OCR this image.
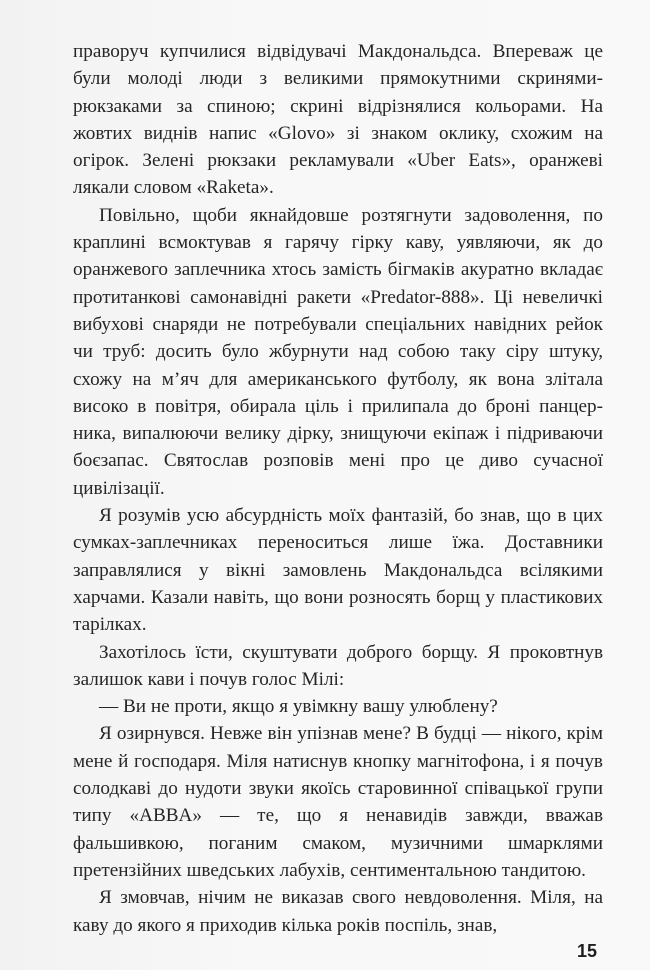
праворуч купчилися відвідувачі Макдональдса. Впереваж це були молоді люди з великими прямокутними скринями-рюкзаками за спиною; скрині відрізнялися кольорами. На жовтих виднів напис «Glovo» зі знаком оклику, схожим на огірок. Зелені рюкзаки рекламували «Uber Eats», оранжеві лякали словом «Raketa».

Повільно, щоби якнайдовше розтягнути задоволення, по краплині всмоктував я гарячу гірку каву, уявляючи, як до оранжевого заплечника хтось замість бігмаків акуратно вкладає протитанкові самонавідні ракети «Predator-888». Ці невеличкі вибухові снаряди не потребували спеціальних навідних рейок чи труб: досить було жбурнути над собою таку сіру штуку, схожу на м’яч для американського футболу, як вона злітала високо в повітря, обирала ціль і прилипала до броні панцерника, випалюючи велику дірку, знищуючи екіпаж і підриваючи боєзапас. Святослав розповів мені про це диво сучасної цивілізації.

Я розумів усю абсурдність моїх фантазій, бо знав, що в цих сумках-заплечниках переноситься лише їжа. Доставники заправлялися у вікні замовлень Макдональдса всілякими харчами. Казали навіть, що вони розносять борщ у пластикових тарілках.

Захотілось їсти, скуштувати доброго борщу. Я проковтнув залишок кави і почув голос Мілі:

— Ви не проти, якщо я увімкну вашу улюблену?

Я озирнувся. Невже він упізнав мене? В будці — нікого, крім мене й господаря. Міля натиснув кнопку магнітофона, і я почув солодкаві до нудоти звуки якоїсь старовинної співацької групи типу «ABBA» — те, що я ненавидів завжди, вважав фальшивкою, поганим смаком, музичними шмарклями претензійних шведських лабухів, сентиментальною тандитою.

Я змовчав, нічим не виказав свого невдоволення. Міля, на каву до якого я приходив кілька років поспіль, знав,

15
